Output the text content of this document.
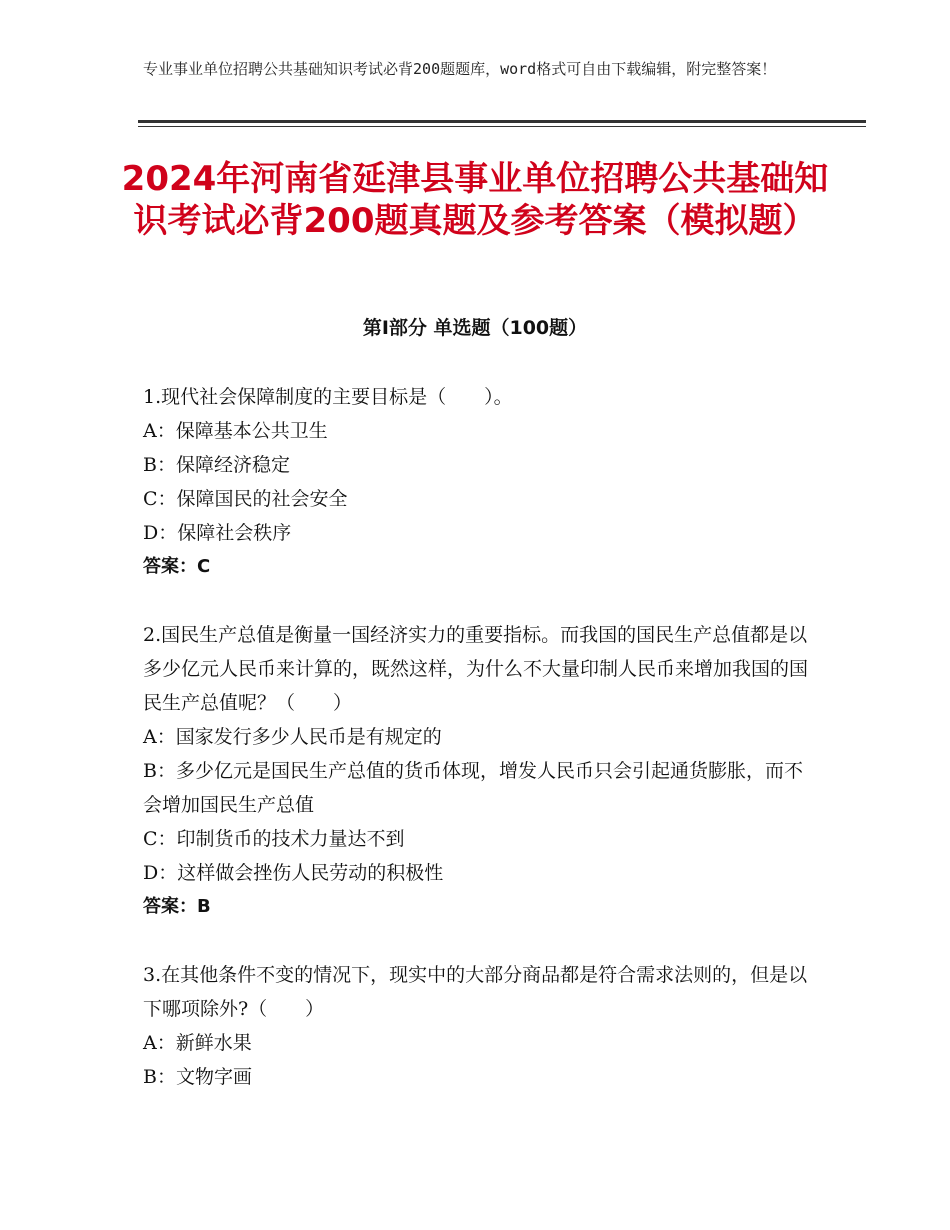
专业事业单位招聘公共基础知识考试必背200题题库，word格式可自由下载编辑，附完整答案！
2024年河南省延津县事业单位招聘公共基础知识考试必背200题真题及参考答案（模拟题）
第Ⅰ部分 单选题（100题）

1.现代社会保障制度的主要目标是（　　）。

A：保障基本公共卫生

B：保障经济稳定

C：保障国民的社会安全

D：保障社会秩序

答案：C

2.国民生产总值是衡量一国经济实力的重要指标。而我国的国民生产总值都是以多少亿元人民币来计算的，既然这样，为什么不大量印制人民币来增加我国的国民生产总值呢？（　　）

A：国家发行多少人民币是有规定的

B：多少亿元是国民生产总值的货币体现，增发人民币只会引起通货膨胀，而不会增加国民生产总值

C：印制货币的技术力量达不到

D：这样做会挫伤人民劳动的积极性

答案：B

3.在其他条件不变的情况下，现实中的大部分商品都是符合需求法则的，但是以下哪项除外?（　　）

A：新鲜水果

B：文物字画
